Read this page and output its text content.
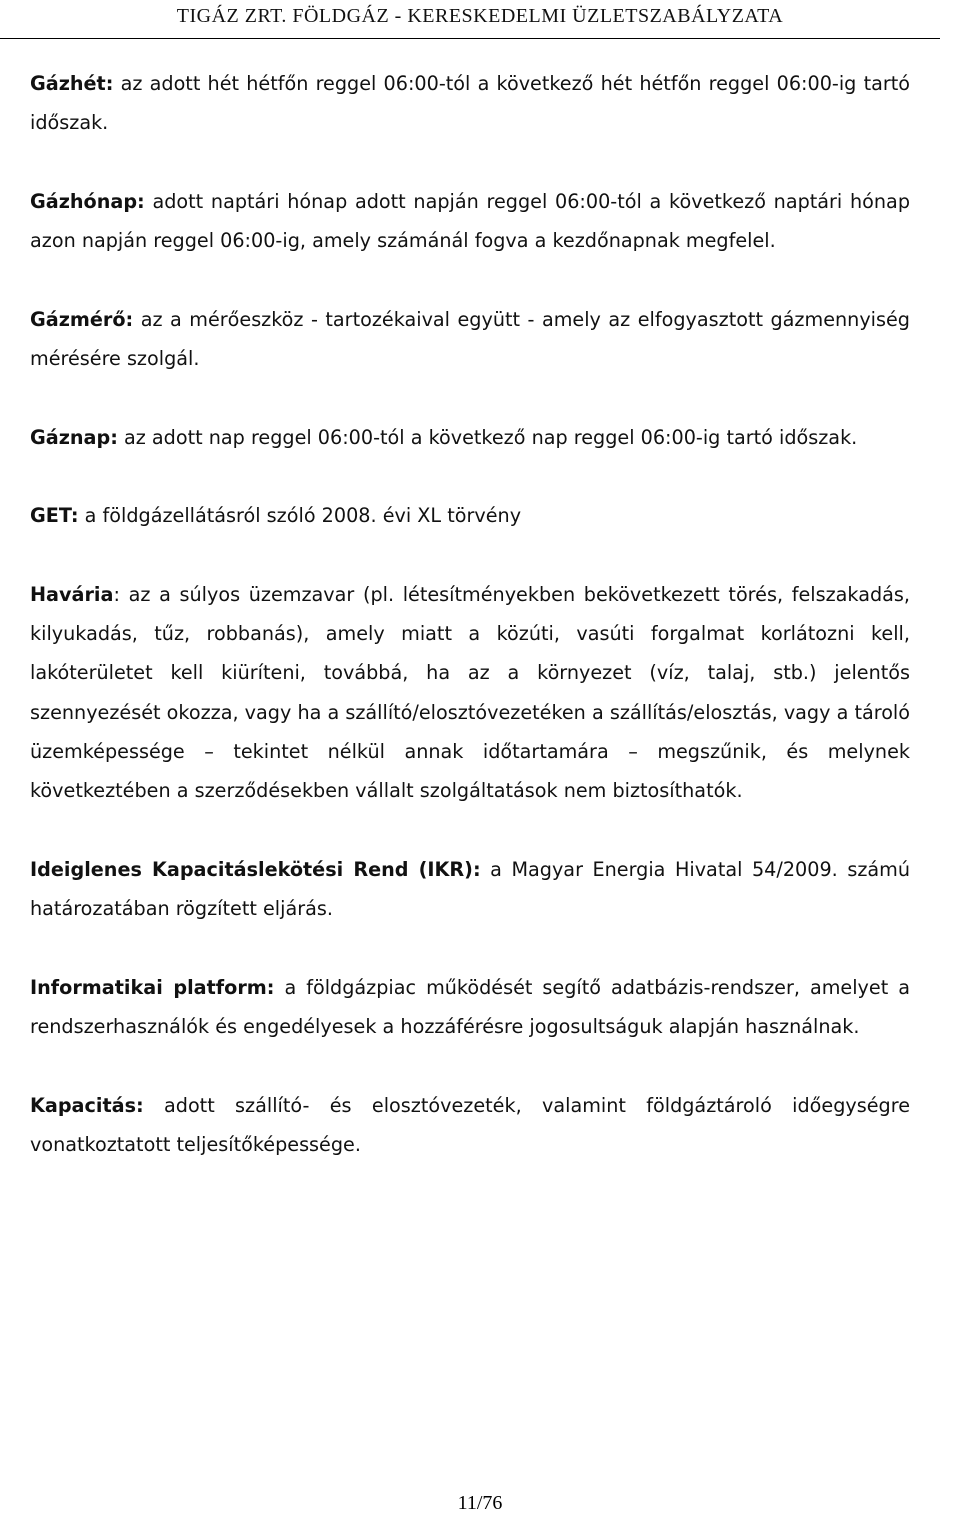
TIGÁZ ZRT. FÖLDGÁZ - KERESKEDELMI ÜZLETSZABÁLYZATA

Gázhét: az adott hét hétfőn reggel 06:00-tól a következő hét hétfőn reggel 06:00-ig tartó időszak.

Gázhónap: adott naptári hónap adott napján reggel 06:00-tól a következő naptári hónap azon napján reggel 06:00-ig, amely számánál fogva a kezdőnapnak megfelel.

Gázmérő: az a mérőeszköz - tartozékaival együtt - amely az elfogyasztott gázmennyiség mérésére szolgál.

Gáznap: az adott nap reggel 06:00-tól a következő nap reggel 06:00-ig tartó időszak.

GET: a földgázellátásról szóló 2008. évi XL törvény

Havária: az a súlyos üzemzavar (pl. létesítményekben bekövetkezett törés, felszakadás, kilyukadás, tűz, robbanás), amely miatt a közúti, vasúti forgalmat korlátozni kell, lakóterületet kell kiüríteni, továbbá, ha az a környezet (víz, talaj, stb.) jelentős szennyezését okozza, vagy ha a szállító/elosztóvezetéken a szállítás/elosztás, vagy a tároló üzemképessége – tekintet nélkül annak időtartamára – megszűnik, és melynek következtében a szerződésekben vállalt szolgáltatások nem biztosíthatók.

Ideiglenes Kapacitáslekötési Rend (IKR): a Magyar Energia Hivatal 54/2009. számú határozatában rögzített eljárás.

Informatikai platform: a földgázpiac működését segítő adatbázis-rendszer, amelyet a rendszerhasználók és engedélyesek a hozzáférésre jogosultságuk alapján használnak.

Kapacitás: adott szállító- és elosztóvezeték, valamint földgáztároló időegységre vonatkoztatott teljesítőképessége.

11/76
